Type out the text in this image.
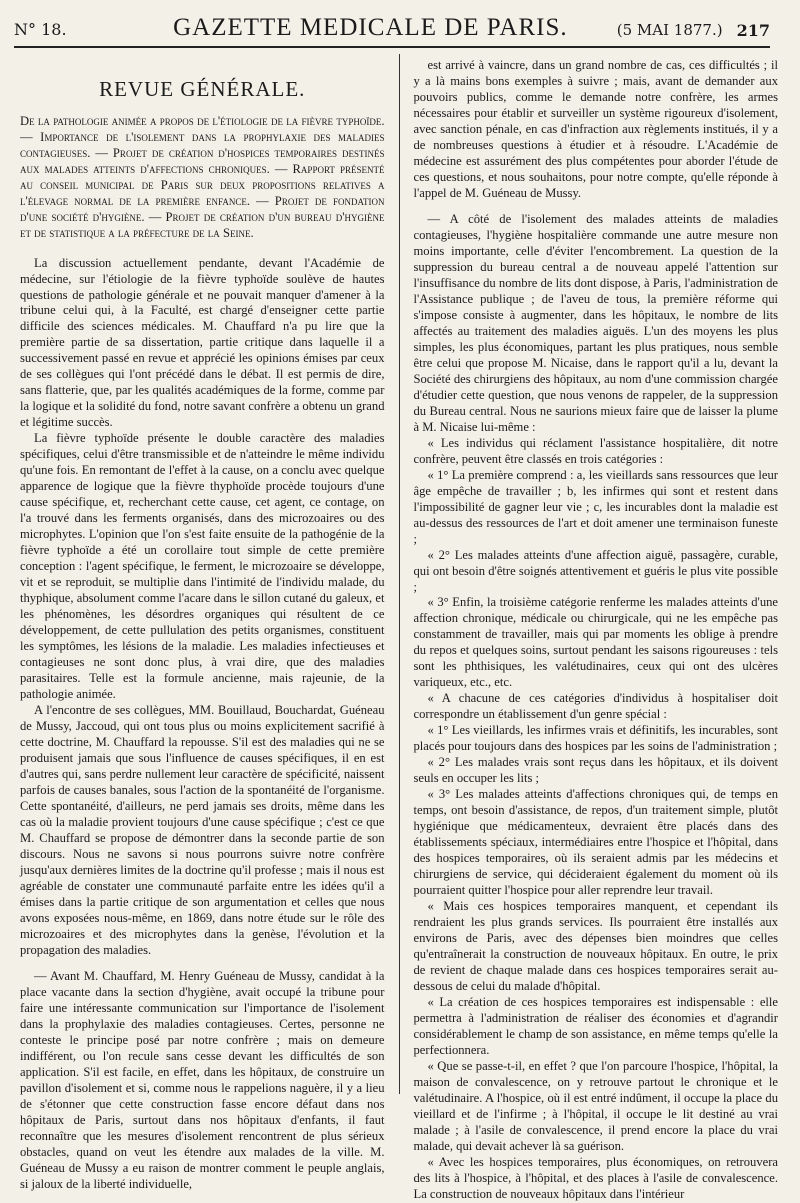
N° 18.	GAZETTE MEDICALE DE PARIS.	(5 MAI 1877.) 217
REVUE GÉNÉRALE.

De la pathologie animée a propos de l'étiologie de la fièvre typhoïde. — Importance de l'isolement dans la prophylaxie des maladies contagieuses. — Projet de création d'hospices temporaires destinés aux malades atteints d'affections chroniques. — Rapport présenté au conseil municipal de Paris sur deux propositions relatives a l'élevage normal de la première enfance. — Projet de fondation d'une société d'hygiène. — Projet de création d'un bureau d'hygiène et de statistique a la préfecture de la Seine.

La discussion actuellement pendante, devant l'Académie de médecine, sur l'étiologie de la fièvre typhoïde soulève de hautes questions de pathologie générale et ne pouvait manquer d'amener à la tribune celui qui, à la Faculté, est chargé d'enseigner cette partie difficile des sciences médicales. M. Chauffard n'a pu lire que la première partie de sa dissertation, partie critique dans laquelle il a successivement passé en revue et apprécié les opinions émises par ceux de ses collègues qui l'ont précédé dans le débat. Il est permis de dire, sans flatterie, que, par les qualités académiques de la forme, comme par la logique et la solidité du fond, notre savant confrère a obtenu un grand et légitime succès.

La fièvre typhoïde présente le double caractère des maladies spécifiques, celui d'être transmissible et de n'atteindre le même individu qu'une fois. En remontant de l'effet à la cause, on a conclu avec quelque apparence de logique que la fièvre thyphoïde procède toujours d'une cause spécifique, et, recherchant cette cause, cet agent, ce contage, on l'a trouvé dans les ferments organisés, dans des microzoaires ou des microphytes. L'opinion que l'on s'est faite ensuite de la pathogénie de la fièvre typhoïde a été un corollaire tout simple de cette première conception : l'agent spécifique, le ferment, le microzoaire se développe, vit et se reproduit, se multiplie dans l'intimité de l'individu malade, du thyphique, absolument comme l'acare dans le sillon cutané du galeux, et les phénomènes, les désordres organiques qui résultent de ce développement, de cette pullulation des petits organismes, constituent les symptômes, les lésions de la maladie. Les maladies infectieuses et contagieuses ne sont donc plus, à vrai dire, que des maladies parasitaires. Telle est la formule ancienne, mais rajeunie, de la pathologie animée.

A l'encontre de ses collègues, MM. Bouillaud, Bouchardat, Guéneau de Mussy, Jaccoud, qui ont tous plus ou moins explicitement sacrifié à cette doctrine, M. Chauffard la repousse. S'il est des maladies qui ne se produisent jamais que sous l'influence de causes spécifiques, il en est d'autres qui, sans perdre nullement leur caractère de spécificité, naissent parfois de causes banales, sous l'action de la spontanéité de l'organisme. Cette spontanéité, d'ailleurs, ne perd jamais ses droits, même dans les cas où la maladie provient toujours d'une cause spécifique ; c'est ce que M. Chauffard se propose de démontrer dans la seconde partie de son discours. Nous ne savons si nous pourrons suivre notre confrère jusqu'aux dernières limites de la doctrine qu'il professe ; mais il nous est agréable de constater une communauté parfaite entre les idées qu'il a émises dans la partie critique de son argumentation et celles que nous avons exposées nous-même, en 1869, dans notre étude sur le rôle des microzoaires et des microphytes dans la genèse, l'évolution et la propagation des maladies.

— Avant M. Chauffard, M. Henry Guéneau de Mussy, candidat à la place vacante dans la section d'hygiène, avait occupé la tribune pour faire une intéressante communication sur l'importance de l'isolement dans la prophylaxie des maladies contagieuses. Certes, personne ne conteste le principe posé par notre confrère ; mais on demeure indifférent, ou l'on recule sans cesse devant les difficultés de son application. S'il est facile, en effet, dans les hôpitaux, de construire un pavillon d'isolement et si, comme nous le rappelions naguère, il y a lieu de s'étonner que cette construction fasse encore défaut dans nos hôpitaux de Paris, surtout dans nos hôpitaux d'enfants, il faut reconnaître que les mesures d'isolement rencontrent de plus sérieux obstacles, quand on veut les étendre aux malades de la ville. M. Guéneau de Mussy a eu raison de montrer comment le peuple anglais, si jaloux de la liberté individuelle,

est arrivé à vaincre, dans un grand nombre de cas, ces difficultés ; il y a là mains bons exemples à suivre ; mais, avant de demander aux pouvoirs publics, comme le demande notre confrère, les armes nécessaires pour établir et surveiller un système rigoureux d'isolement, avec sanction pénale, en cas d'infraction aux règlements institués, il y a de nombreuses questions à étudier et à résoudre. L'Académie de médecine est assurément des plus compétentes pour aborder l'étude de ces questions, et nous souhaitons, pour notre compte, qu'elle réponde à l'appel de M. Guéneau de Mussy.

— A côté de l'isolement des malades atteints de maladies contagieuses, l'hygiène hospitalière commande une autre mesure non moins importante, celle d'éviter l'encombrement. La question de la suppression du bureau central a de nouveau appelé l'attention sur l'insuffisance du nombre de lits dont dispose, à Paris, l'administration de l'Assistance publique ; de l'aveu de tous, la première réforme qui s'impose consiste à augmenter, dans les hôpitaux, le nombre de lits affectés au traitement des maladies aiguës. L'un des moyens les plus simples, les plus économiques, partant les plus pratiques, nous semble être celui que propose M. Nicaise, dans le rapport qu'il a lu, devant la Société des chirurgiens des hôpitaux, au nom d'une commission chargée d'étudier cette question, que nous venons de rappeler, de la suppression du Bureau central. Nous ne saurions mieux faire que de laisser la plume à M. Nicaise lui-même :

« Les individus qui réclament l'assistance hospitalière, dit notre confrère, peuvent être classés en trois catégories :

« 1° La première comprend : a, les vieillards sans ressources que leur âge empêche de travailler ; b, les infirmes qui sont et restent dans l'impossibilité de gagner leur vie ; c, les incurables dont la maladie est au-dessus des ressources de l'art et doit amener une terminaison funeste ;

« 2° Les malades atteints d'une affection aiguë, passagère, curable, qui ont besoin d'être soignés attentivement et guéris le plus vite possible ;

« 3° Enfin, la troisième catégorie renferme les malades atteints d'une affection chronique, médicale ou chirurgicale, qui ne les empêche pas constamment de travailler, mais qui par moments les oblige à prendre du repos et quelques soins, surtout pendant les saisons rigoureuses : tels sont les phthisiques, les valétudinaires, ceux qui ont des ulcères variqueux, etc., etc.

« A chacune de ces catégories d'individus à hospitaliser doit correspondre un établissement d'un genre spécial :

« 1° Les vieillards, les infirmes vrais et définitifs, les incurables, sont placés pour toujours dans des hospices par les soins de l'administration ;

« 2° Les malades vrais sont reçus dans les hôpitaux, et ils doivent seuls en occuper les lits ;

« 3° Les malades atteints d'affections chroniques qui, de temps en temps, ont besoin d'assistance, de repos, d'un traitement simple, plutôt hygiénique que médicamenteux, devraient être placés dans des établissements spéciaux, intermédiaires entre l'hospice et l'hôpital, dans des hospices temporaires, où ils seraient admis par les médecins et chirurgiens de service, qui décideraient également du moment où ils pourraient quitter l'hospice pour aller reprendre leur travail.

« Mais ces hospices temporaires manquent, et cependant ils rendraient les plus grands services. Ils pourraient être installés aux environs de Paris, avec des dépenses bien moindres que celles qu'entraînerait la construction de nouveaux hôpitaux. En outre, le prix de revient de chaque malade dans ces hospices temporaires serait au-dessous de celui du malade d'hôpital.

« La création de ces hospices temporaires est indispensable : elle permettra à l'administration de réaliser des économies et d'agrandir considérablement le champ de son assistance, en même temps qu'elle la perfectionnera.

« Que se passe-t-il, en effet ? que l'on parcoure l'hospice, l'hôpital, la maison de convalescence, on y retrouve partout le chronique et le valétudinaire. A l'hospice, où il est entré indûment, il occupe la place du vieillard et de l'infirme ; à l'hôpital, il occupe le lit destiné au vrai malade ; à l'asile de convalescence, il prend encore la place du vrai malade, qui devait achever là sa guérison.

« Avec les hospices temporaires, plus économiques, on retrouvera des lits à l'hospice, à l'hôpital, et des places à l'asile de convalescence. La construction de nouveaux hôpitaux dans l'intérieur
